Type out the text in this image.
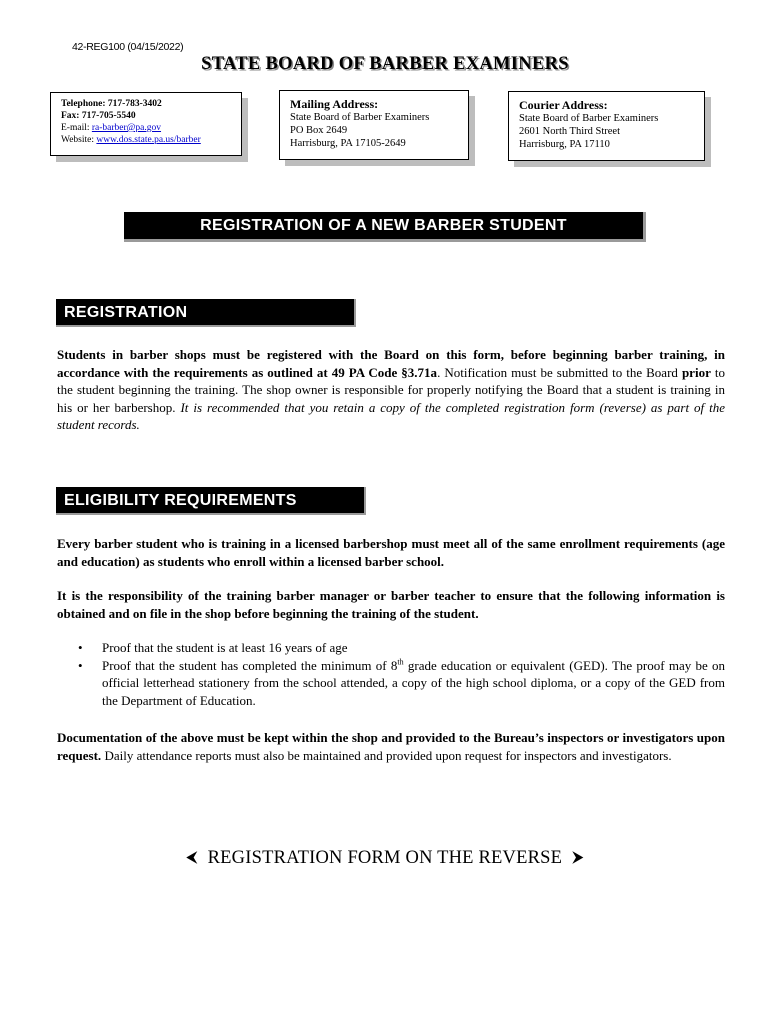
42-REG100 (04/15/2022)
STATE BOARD OF BARBER EXAMINERS
Telephone: 717-783-3402
Fax: 717-705-5540
E-mail: ra-barber@pa.gov
Website: www.dos.state.pa.us/barber
Mailing Address:
State Board of Barber Examiners
PO Box 2649
Harrisburg, PA 17105-2649
Courier Address:
State Board of Barber Examiners
2601 North Third Street
Harrisburg, PA 17110
REGISTRATION OF A NEW BARBER STUDENT
REGISTRATION

Students in barber shops must be registered with the Board on this form, before beginning barber training, in accordance with the requirements as outlined at 49 PA Code §3.71a. Notification must be submitted to the Board prior to the student beginning the training. The shop owner is responsible for properly notifying the Board that a student is training in his or her barbershop. It is recommended that you retain a copy of the completed registration form (reverse) as part of the student records.

ELIGIBILITY REQUIREMENTS

Every barber student who is training in a licensed barbershop must meet all of the same enrollment requirements (age and education) as students who enroll within a licensed barber school.

It is the responsibility of the training barber manager or barber teacher to ensure that the following information is obtained and on file in the shop before beginning the training of the student.

• Proof that the student is at least 16 years of age
• Proof that the student has completed the minimum of 8th grade education or equivalent (GED). The proof may be on official letterhead stationery from the school attended, a copy of the high school diploma, or a copy of the GED from the Department of Education.

Documentation of the above must be kept within the shop and provided to the Bureau’s inspectors or investigators upon request. Daily attendance reports must also be maintained and provided upon request for inspectors and investigators.

⮜ REGISTRATION FORM ON THE REVERSE ⮞
